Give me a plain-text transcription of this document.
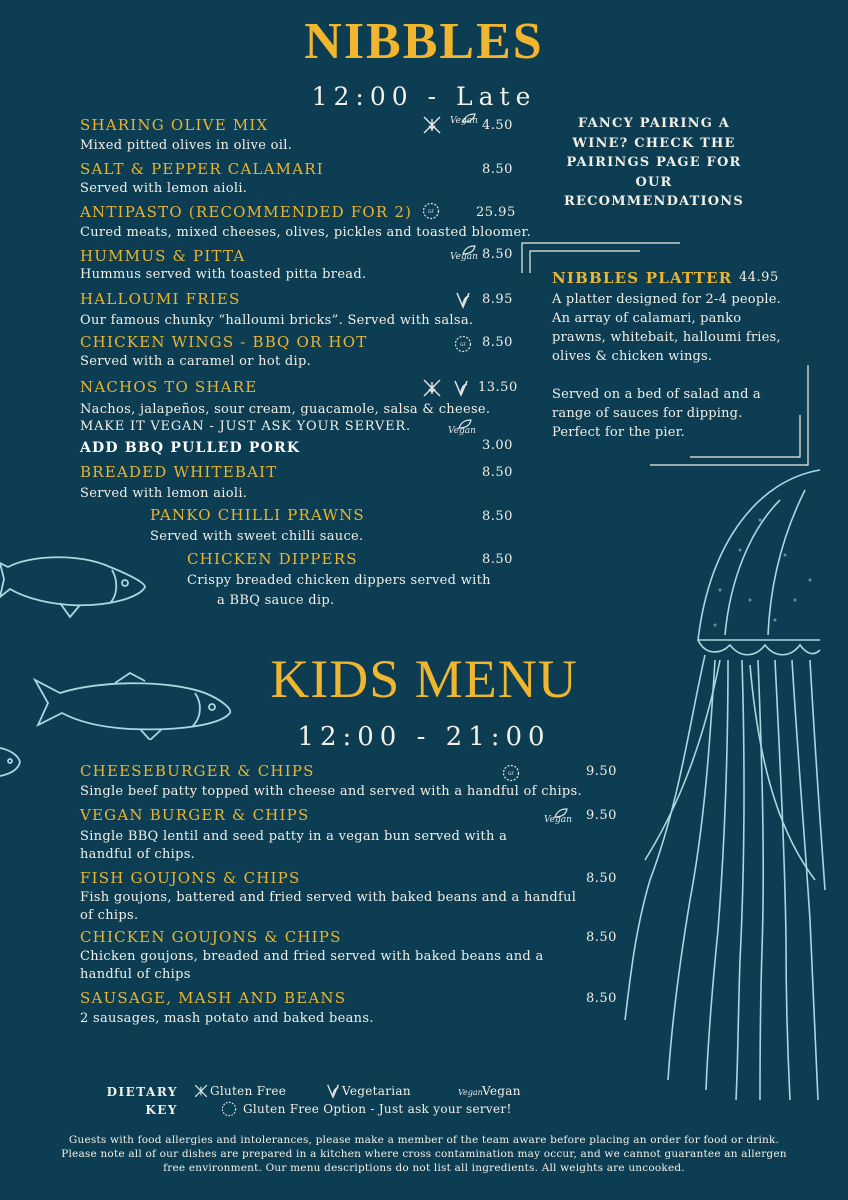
NIBBLES
12:00 - Late
SHARING OLIVE MIX	4.50
Mixed pitted olives in olive oil.
SALT & PEPPER CALAMARI	8.50
Served with lemon aioli.
ANTIPASTO (RECOMMENDED FOR 2)	25.95
Cured meats, mixed cheeses, olives, pickles and toasted bloomer.
HUMMUS & PITTA	8.50
Hummus served with toasted pitta bread.
HALLOUMI FRIES	8.95
Our famous chunky “halloumi bricks”. Served with salsa.
CHICKEN WINGS - BBQ OR HOT	8.50
Served with a caramel or hot dip.
NACHOS TO SHARE	13.50
Nachos, jalapeños, sour cream, guacamole, salsa & cheese.
MAKE IT VEGAN - JUST ASK YOUR SERVER.
ADD BBQ PULLED PORK	3.00
BREADED WHITEBAIT	8.50
Served with lemon aioli.
PANKO CHILLI PRAWNS	8.50
Served with sweet chilli sauce.
CHICKEN DIPPERS	8.50
Crispy breaded chicken dippers served with
a BBQ sauce dip.
Vegan
GF
Vegan
GF
Vegan
FANCY PAIRING A WINE? CHECK THE PAIRINGS PAGE FOR OUR RECOMMENDATIONS
NIBBLES PLATTER 44.95
A platter designed for 2-4 people. An array of calamari, panko prawns, whitebait, halloumi fries, olives & chicken wings.
Served on a bed of salad and a range of sauces for dipping. Perfect for the pier.
KIDS MENU
12:00 - 21:00
CHEESEBURGER & CHIPS	9.50
Single beef patty topped with cheese and served with a handful of chips.
VEGAN BURGER & CHIPS	9.50
Single BBQ lentil and seed patty in a vegan bun served with a
handful of chips.
FISH GOUJONS & CHIPS	8.50
Fish goujons, battered and fried served with baked beans and a handful
of chips.
CHICKEN GOUJONS & CHIPS	8.50
Chicken goujons, breaded and fried served with baked beans and a
handful of chips
SAUSAGE, MASH AND BEANS	8.50
2 sausages, mash potato and baked beans.
GF
Vegan
DIETARY
KEY
Gluten Free	Vegetarian	Vegan Vegan
Gluten Free Option - Just ask your server!
Guests with food allergies and intolerances, please make a member of the team aware before placing an order for food or drink.
Please note all of our dishes are prepared in a kitchen where cross contamination may occur, and we cannot guarantee an allergen
free environment. Our menu descriptions do not list all ingredients. All weights are uncooked.
